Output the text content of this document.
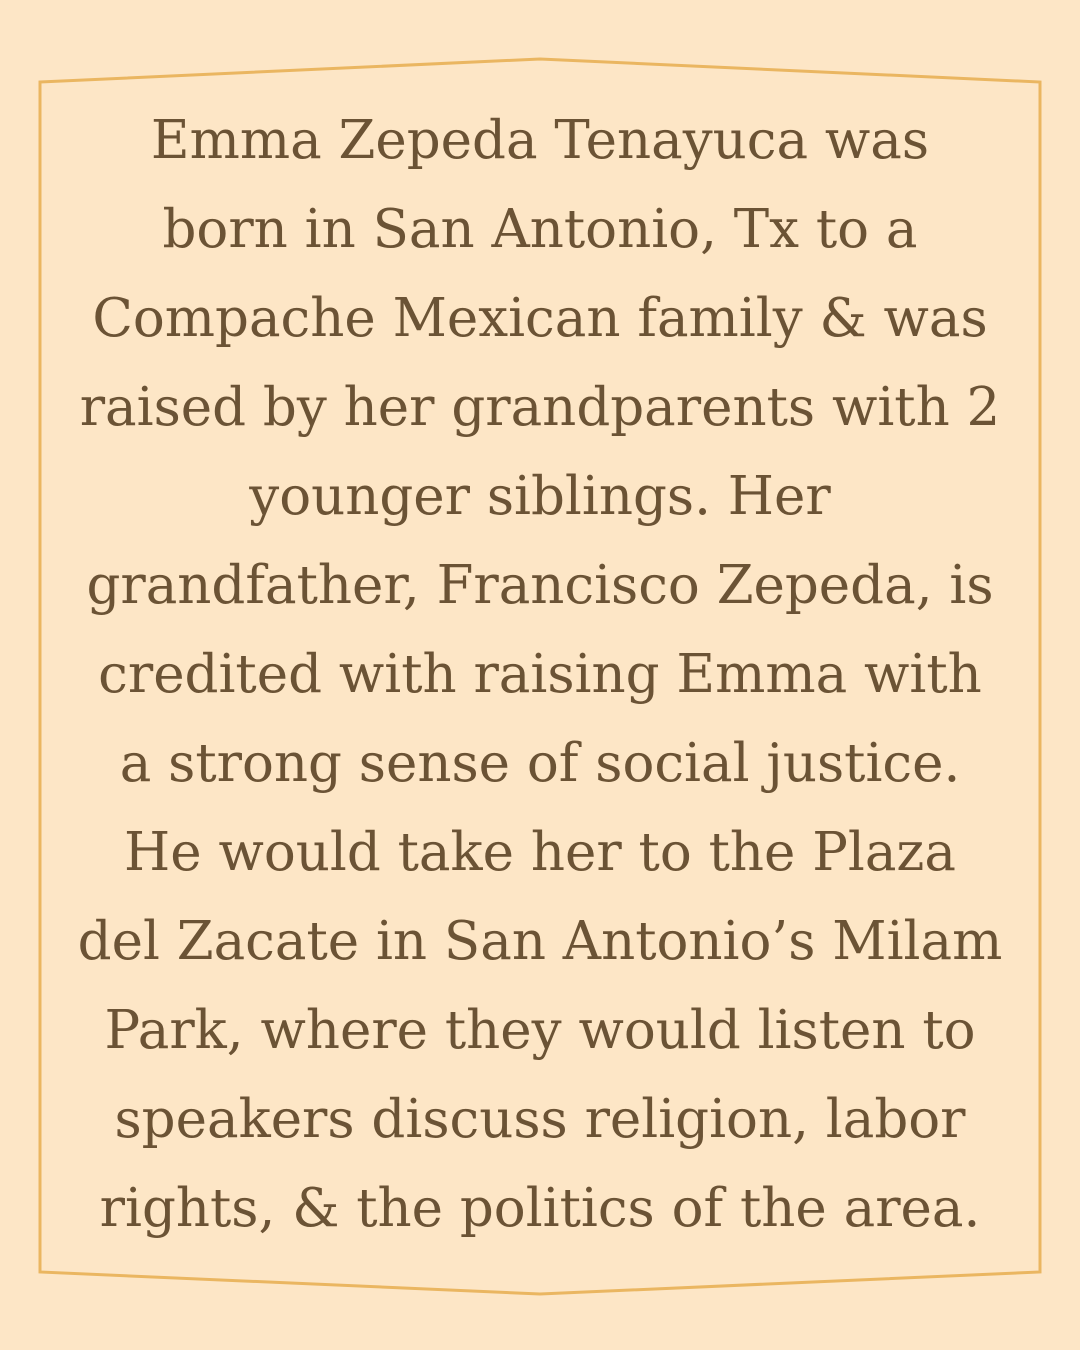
Emma Zepeda Tenayuca was
born in San Antonio, Tx to a
Compache Mexican family & was
raised by her grandparents with 2
younger siblings. Her
grandfather, Francisco Zepeda, is
credited with raising Emma with
a strong sense of social justice.
He would take her to the Plaza
del Zacate in San Antonio’s Milam
Park, where they would listen to
speakers discuss religion, labor
rights, & the politics of the area.
